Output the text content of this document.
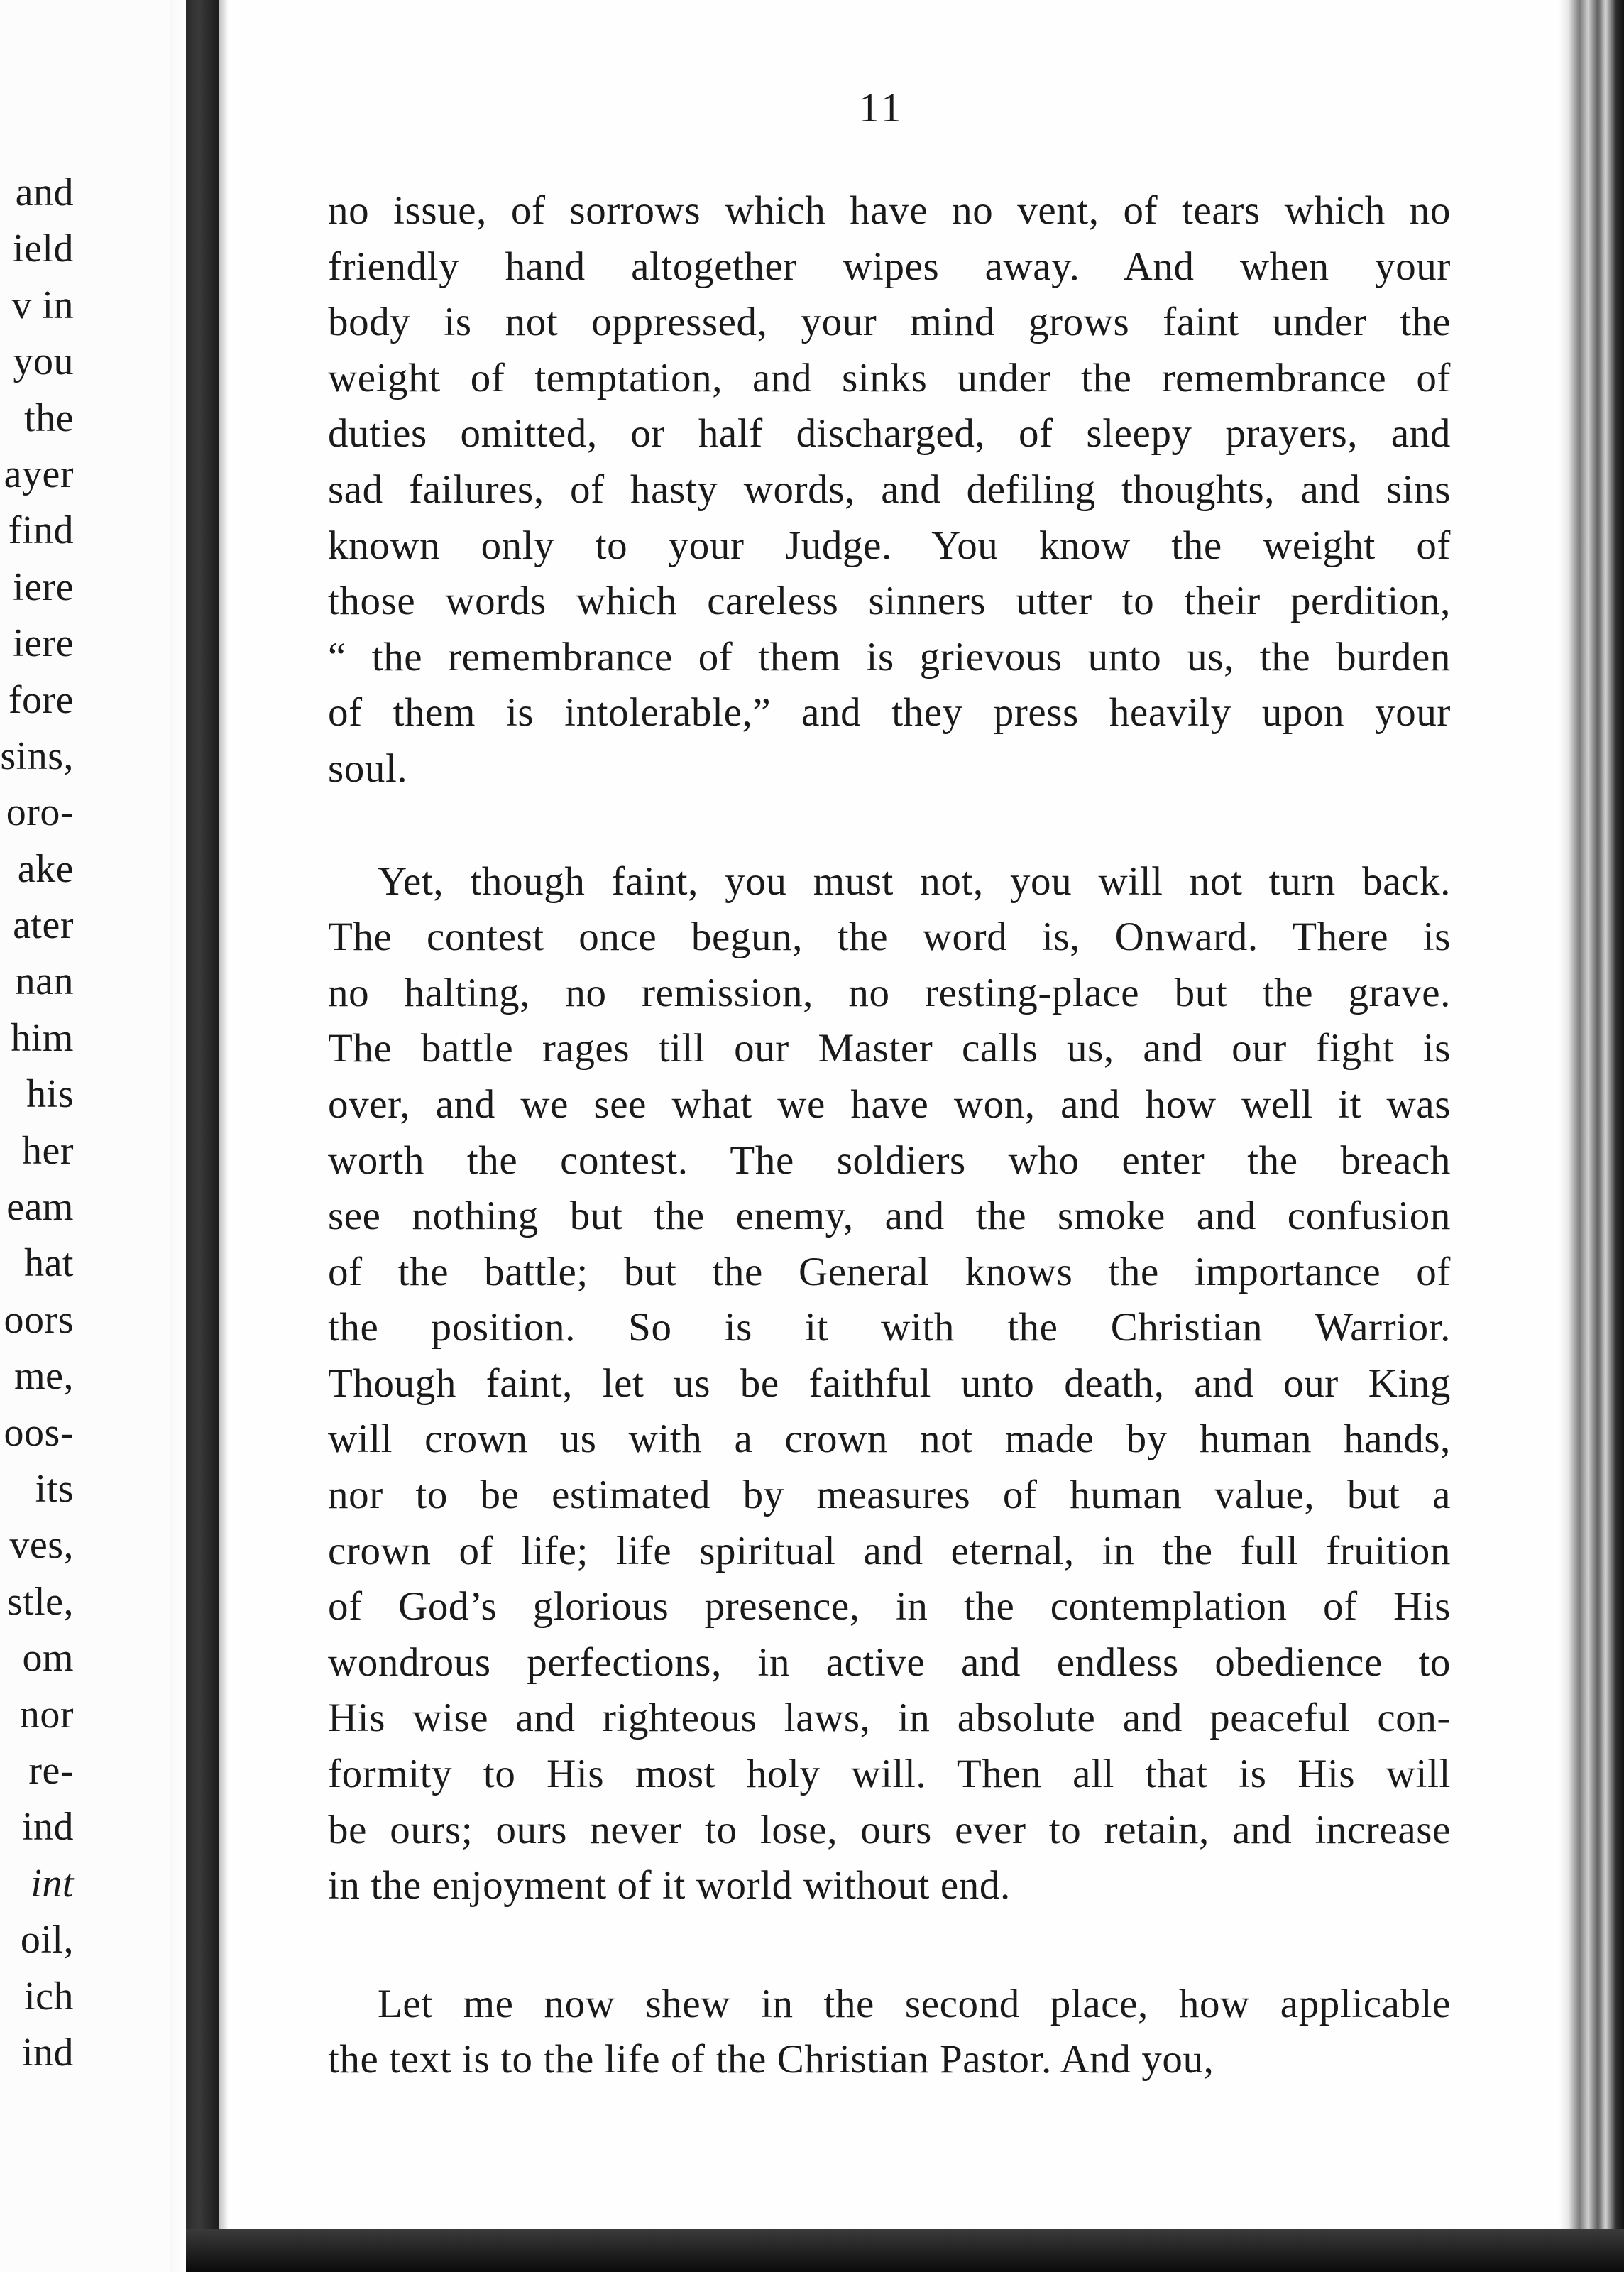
and
ield
v in
you
the
ayer
find
iere
iere
fore
sins,
oro-
ake
ater
nan
him
his
her
eam
hat
oors
me,
oos-
its
ves,
stle,
om
nor
re-
ind
int
oil,
ich
ind
11
no issue, of sorrows which have no vent, of tears which no
friendly hand altogether wipes away. And when your
body is not oppressed, your mind grows faint under the
weight of temptation, and sinks under the remembrance of
duties omitted, or half discharged, of sleepy prayers, and
sad failures, of hasty words, and defiling thoughts, and sins
known only to your Judge. You know the weight of
those words which careless sinners utter to their perdition,
“ the remembrance of them is grievous unto us, the burden
of them is intolerable,” and they press heavily upon your
soul.
Yet, though faint, you must not, you will not turn back.
The contest once begun, the word is, Onward. There is
no halting, no remission, no resting-place but the grave.
The battle rages till our Master calls us, and our fight is
over, and we see what we have won, and how well it was
worth the contest. The soldiers who enter the breach
see nothing but the enemy, and the smoke and confusion
of the battle; but the General knows the importance of
the position. So is it with the Christian Warrior.
Though faint, let us be faithful unto death, and our King
will crown us with a crown not made by human hands,
nor to be estimated by measures of human value, but a
crown of life; life spiritual and eternal, in the full fruition
of God’s glorious presence, in the contemplation of His
wondrous perfections, in active and endless obedience to
His wise and righteous laws, in absolute and peaceful con-
formity to His most holy will. Then all that is His will
be ours; ours never to lose, ours ever to retain, and increase
in the enjoyment of it world without end.
Let me now shew in the second place, how applicable
the text is to the life of the Christian Pastor. And you,
